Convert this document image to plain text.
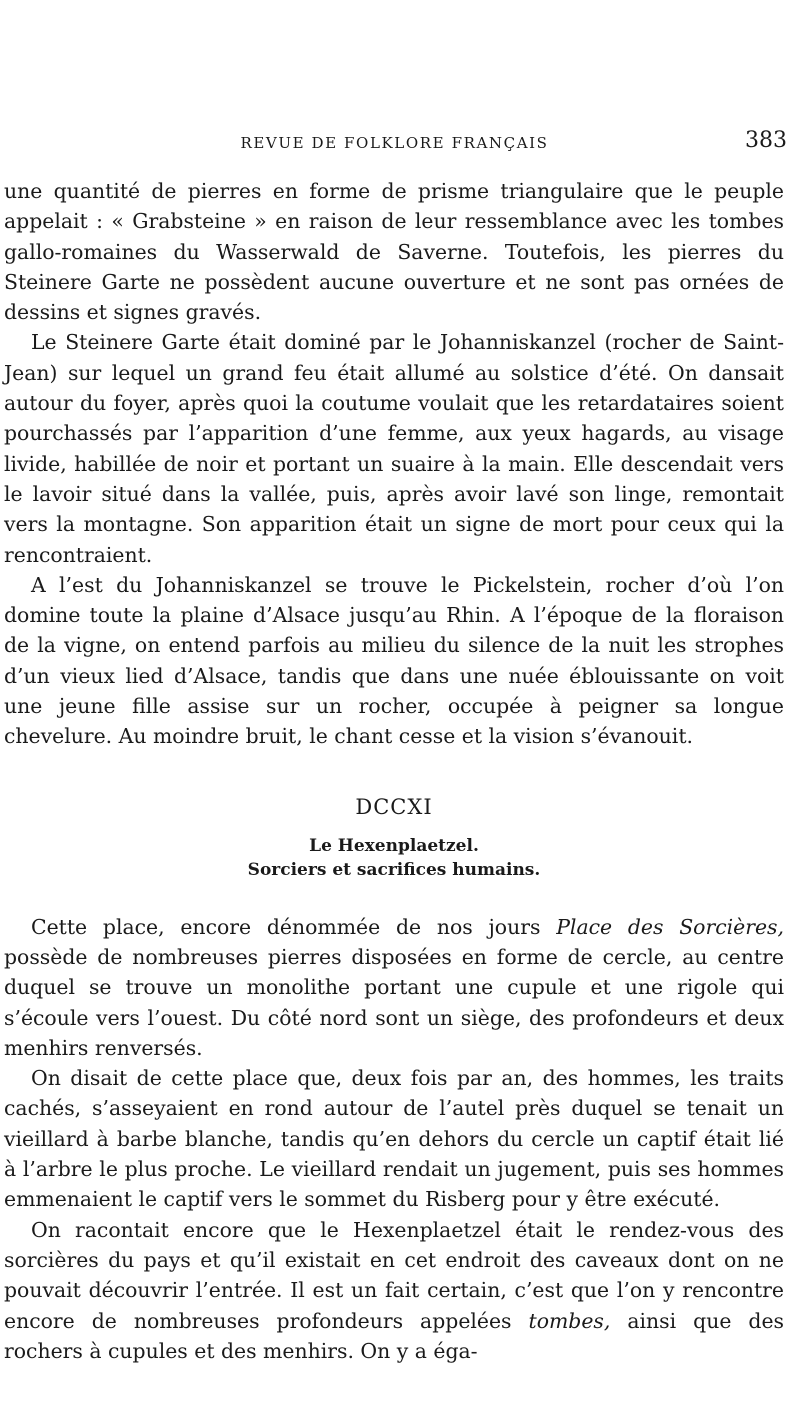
REVUE DE FOLKLORE FRANÇAIS	383

une quantité de pierres en forme de prisme triangulaire que le peuple appelait : « Grabsteine » en raison de leur ressemblance avec les tombes gallo-romaines du Wasserwald de Saverne. Toutefois, les pierres du Steinere Garte ne possèdent aucune ouverture et ne sont pas ornées de dessins et signes gravés.

Le Steinere Garte était dominé par le Johanniskanzel (rocher de Saint-Jean) sur lequel un grand feu était allumé au solstice d’été. On dansait autour du foyer, après quoi la coutume voulait que les retardataires soient pourchassés par l’apparition d’une femme, aux yeux hagards, au visage livide, habillée de noir et portant un suaire à la main. Elle descendait vers le lavoir situé dans la vallée, puis, après avoir lavé son linge, remontait vers la montagne. Son apparition était un signe de mort pour ceux qui la rencontraient.

A l’est du Johanniskanzel se trouve le Pickelstein, rocher d’où l’on domine toute la plaine d’Alsace jusqu’au Rhin. A l’époque de la floraison de la vigne, on entend parfois au milieu du silence de la nuit les strophes d’un vieux lied d’Alsace, tandis que dans une nuée éblouissante on voit une jeune fille assise sur un rocher, occupée à peigner sa longue chevelure. Au moindre bruit, le chant cesse et la vision s’évanouit.

DCCXI
Le Hexenplaetzel.
Sorciers et sacrifices humains.

Cette place, encore dénommée de nos jours Place des Sorcières, possède de nombreuses pierres disposées en forme de cercle, au centre duquel se trouve un monolithe portant une cupule et une rigole qui s’écoule vers l’ouest. Du côté nord sont un siège, des profondeurs et deux menhirs renversés.

On disait de cette place que, deux fois par an, des hommes, les traits cachés, s’asseyaient en rond autour de l’autel près duquel se tenait un vieillard à barbe blanche, tandis qu’en dehors du cercle un captif était lié à l’arbre le plus proche. Le vieillard rendait un jugement, puis ses hommes emmenaient le captif vers le sommet du Risberg pour y être exécuté.

On racontait encore que le Hexenplaetzel était le rendez-vous des sorcières du pays et qu’il existait en cet endroit des caveaux dont on ne pouvait découvrir l’entrée. Il est un fait certain, c’est que l’on y rencontre encore de nombreuses profondeurs appelées tombes, ainsi que des rochers à cupules et des menhirs. On y a éga-
